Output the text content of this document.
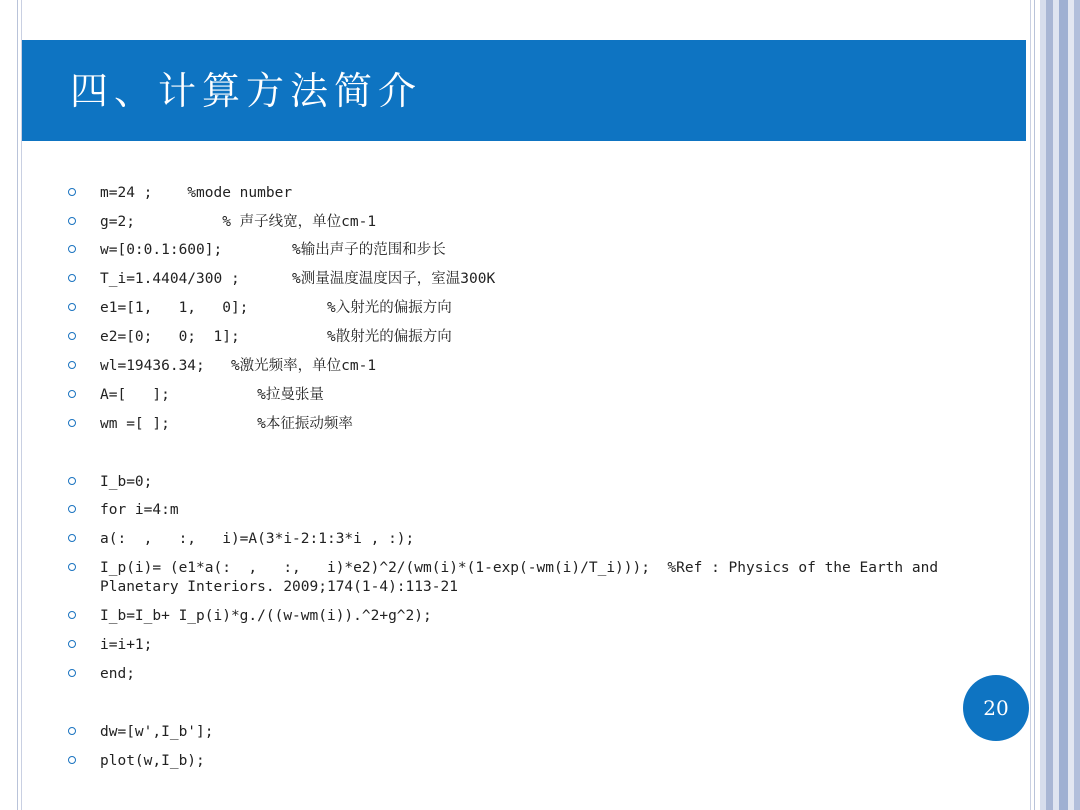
四、计算方法简介
m=24 ;    %mode number
g=2;          % 声子线宽，单位cm-1
w=[0:0.1:600];        %输出声子的范围和步长
T_i=1.4404/300 ;      %测量温度温度因子，室温300K
e1=[1,   1,   0];         %入射光的偏振方向
e2=[0;   0;  1];          %散射光的偏振方向
wl=19436.34;   %激光频率，单位cm-1
A=[   ];          %拉曼张量
wm =[ ];          %本征振动频率
I_b=0;
for i=4:m
a(:  ,   :,   i)=A(3*i-2:1:3*i , :);
I_p(i)= (e1*a(:  ,   :,   i)*e2)^2/(wm(i)*(1-exp(-wm(i)/T_i)));  %Ref : Physics of the Earth and
Planetary Interiors. 2009;174(1‐4):113-21
I_b=I_b+ I_p(i)*g./((w-wm(i)).^2+g^2);
i=i+1;
end;
dw=[w',I_b'];
plot(w,I_b);
20
